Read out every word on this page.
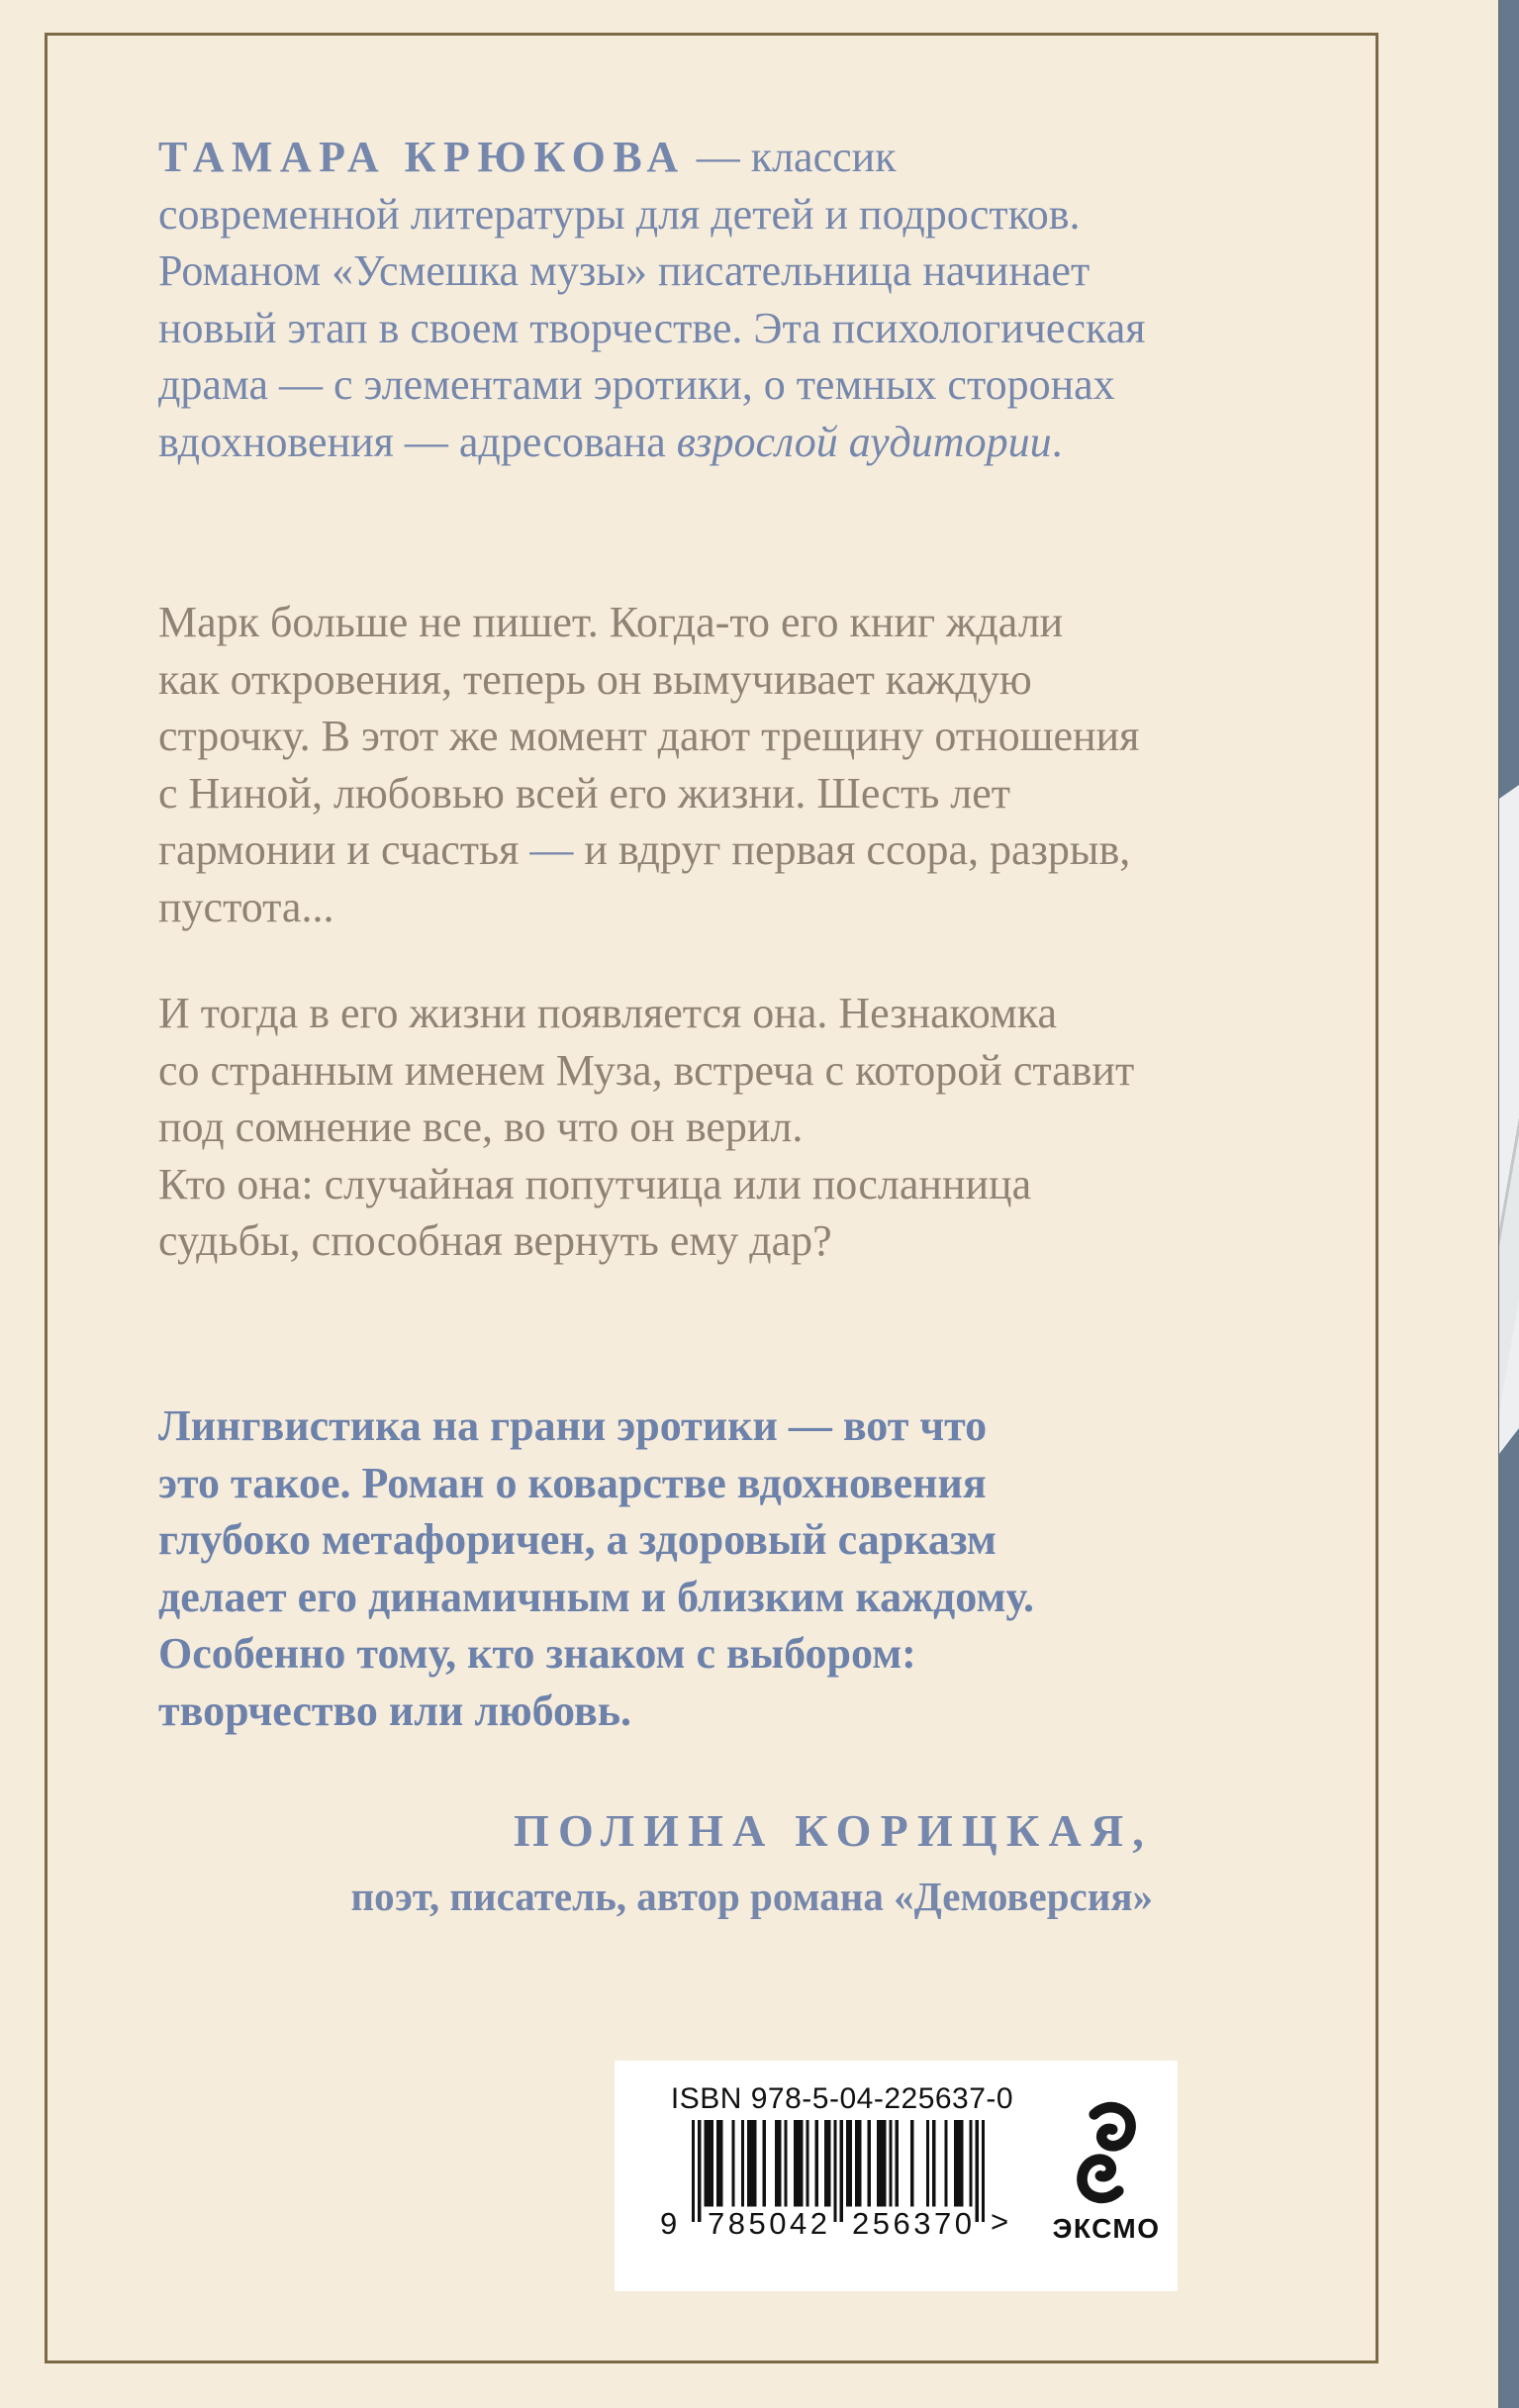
ТАМАРА КРЮКОВА — классик
современной литературы для детей и подростков.
Романом «Усмешка музы» писательница начинает
новый этап в своем творчестве. Эта психологическая
драма — с элементами эротики, о темных сторонах
вдохновения — адресована взрослой аудитории.
Марк больше не пишет. Когда-то его книг ждали
как откровения, теперь он вымучивает каждую
строчку. В этот же момент дают трещину отношения
с Ниной, любовью всей его жизни. Шесть лет
гармонии и счастья — и вдруг первая ссора, разрыв,
пустота...
И тогда в его жизни появляется она. Незнакомка
со странным именем Муза, встреча с которой ставит
под сомнение все, во что он верил.
Кто она: случайная попутчица или посланница
судьбы, способная вернуть ему дар?
Лингвистика на грани эротики — вот что
это такое. Роман о коварстве вдохновения
глубоко метафоричен, а здоровый сарказм
делает его динамичным и близким каждому.
Особенно тому, кто знаком с выбором:
творчество или любовь.
ПОЛИНА КОРИЦКАЯ,
поэт, писатель, автор романа «Демоверсия»
ISBN 978-5-04-225637-0
9 785042 256370 >	ЭКСМО
